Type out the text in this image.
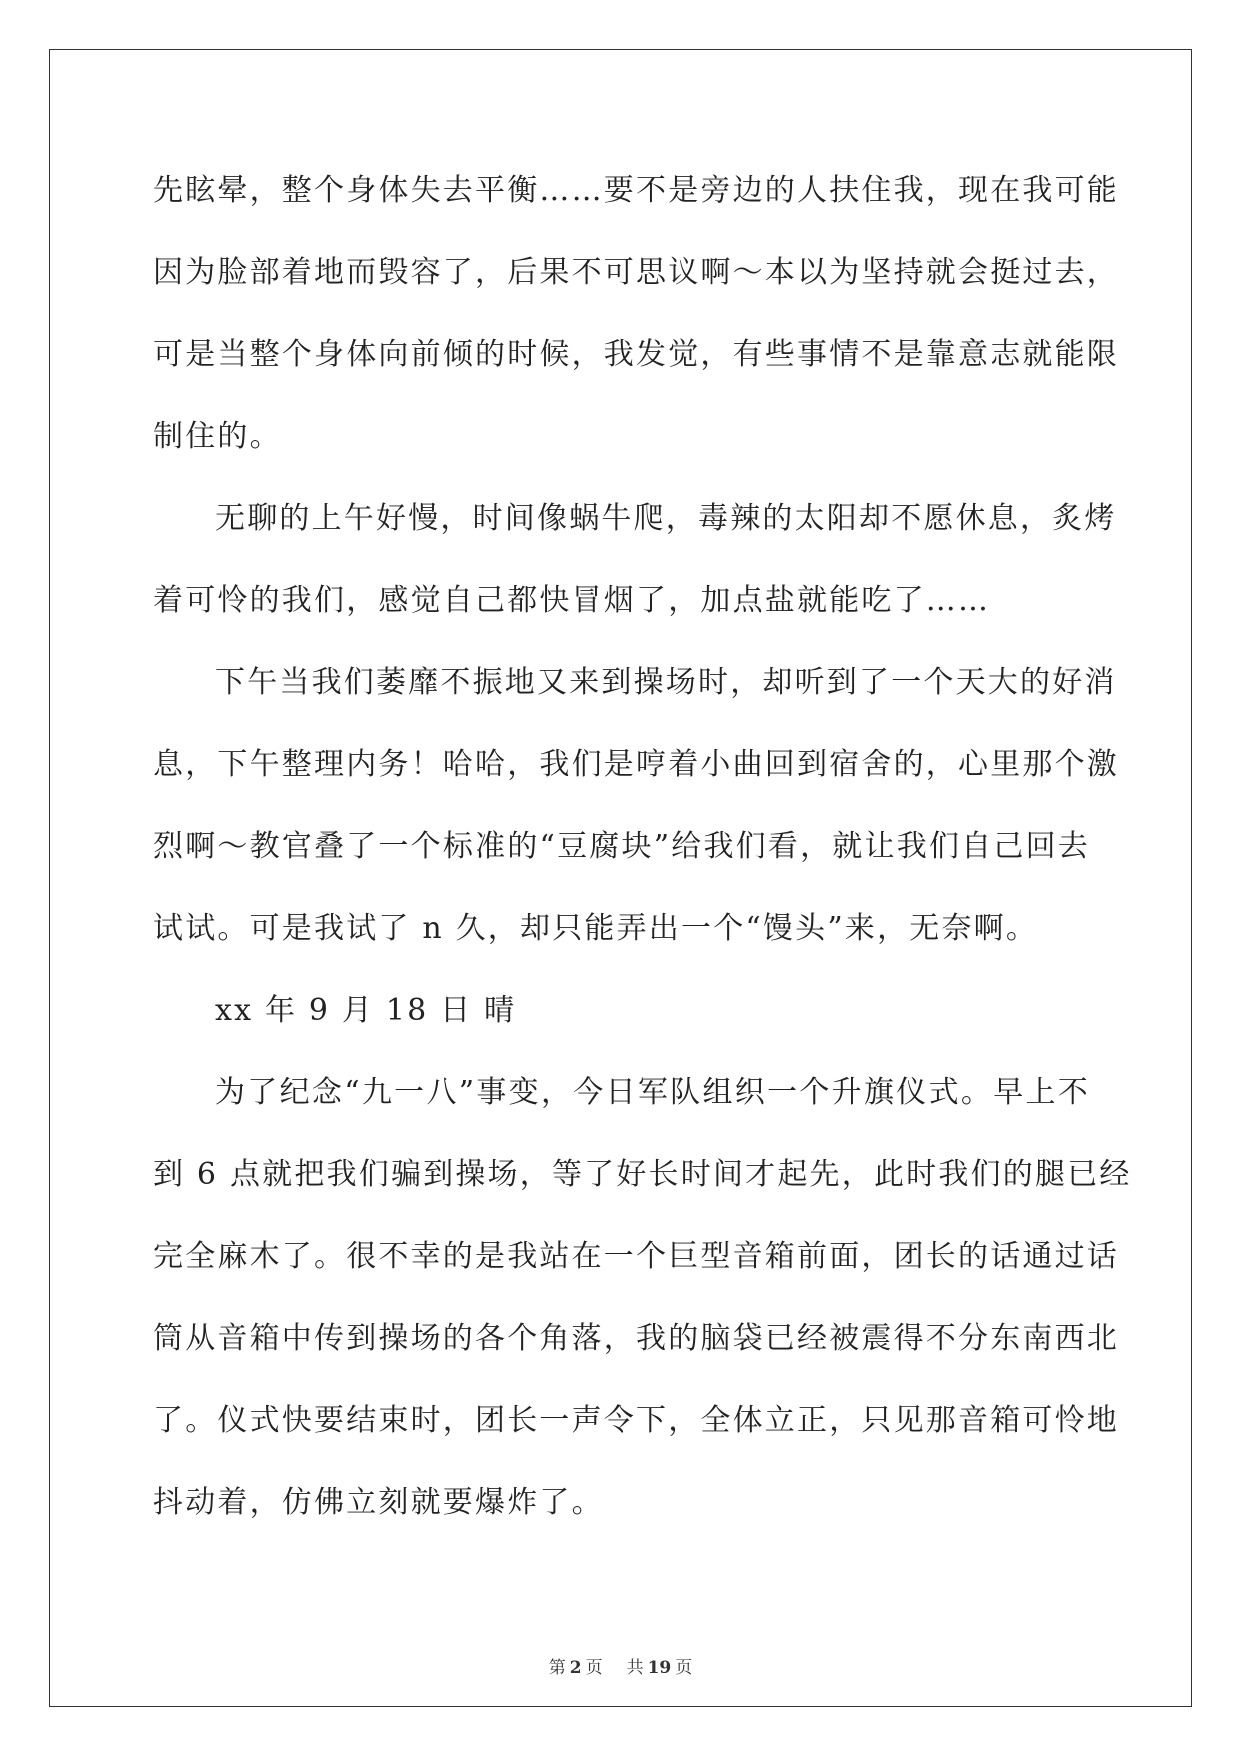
先眩晕，整个身体失去平衡……要不是旁边的人扶住我，现在我可能
因为脸部着地而毁容了，后果不可思议啊～本以为坚持就会挺过去，
可是当整个身体向前倾的时候，我发觉，有些事情不是靠意志就能限
制住的。
无聊的上午好慢，时间像蜗牛爬，毒辣的太阳却不愿休息，炙烤
着可怜的我们，感觉自己都快冒烟了，加点盐就能吃了……
下午当我们萎靡不振地又来到操场时，却听到了一个天大的好消
息，下午整理内务！哈哈，我们是哼着小曲回到宿舍的，心里那个激
烈啊～教官叠了一个标准的“豆腐块”给我们看，就让我们自己回去
试试。可是我试了 n 久，却只能弄出一个“馒头”来，无奈啊。
xx 年 9 月 18 日 晴
为了纪念“九一八”事变，今日军队组织一个升旗仪式。早上不
到 6 点就把我们骗到操场，等了好长时间才起先，此时我们的腿已经
完全麻木了。很不幸的是我站在一个巨型音箱前面，团长的话通过话
筒从音箱中传到操场的各个角落，我的脑袋已经被震得不分东南西北
了。仪式快要结束时，团长一声令下，全体立正，只见那音箱可怜地
抖动着，仿佛立刻就要爆炸了。
第 2 页 共 19 页
